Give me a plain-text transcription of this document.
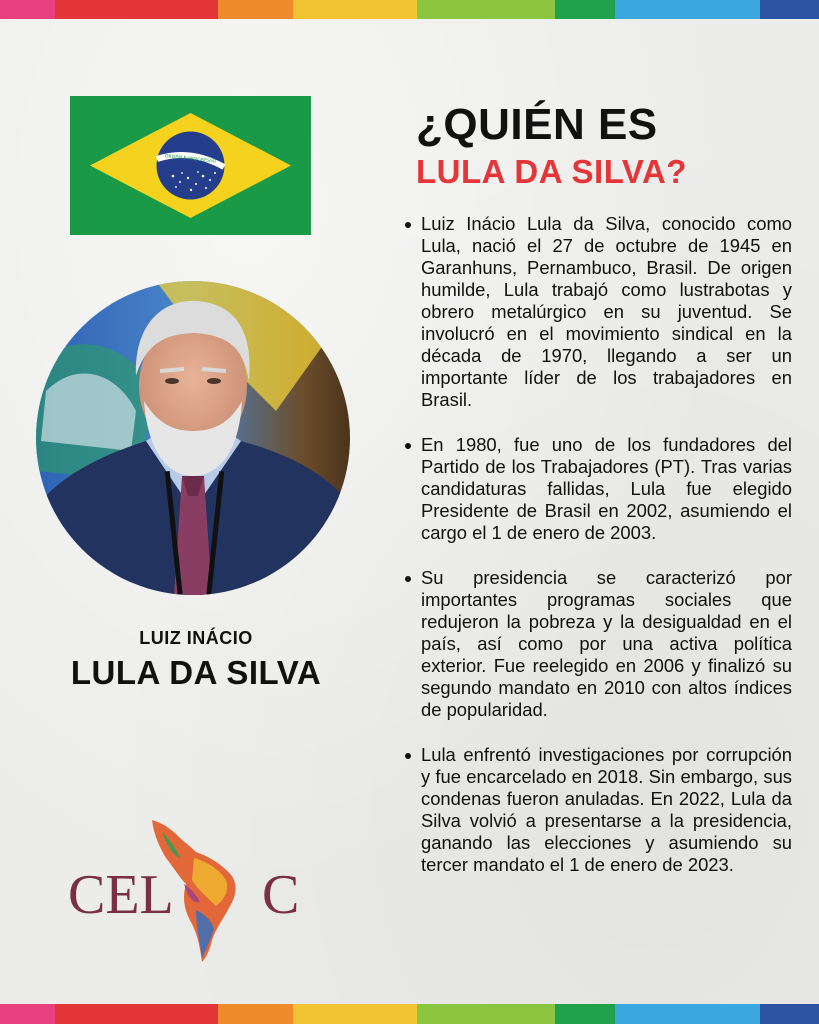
ORDEM E PROGRESSO
LUIZ INÁCIO
LULA DA SILVA
CEL C
¿QUIÉN ES
LULA DA SILVA?
Luiz Inácio Lula da Silva, conocido como Lula, nació el 27 de octubre de 1945 en Garanhuns, Pernambuco, Brasil. De origen humilde, Lula trabajó como lustrabotas y obrero metalúrgico en su juventud. Se involucró en el movimiento sindical en la década de 1970, llegando a ser un importante líder de los trabajadores en Brasil.
En 1980, fue uno de los fundadores del Partido de los Trabajadores (PT). Tras varias candidaturas fallidas, Lula fue elegido Presidente de Brasil en 2002, asumiendo el cargo el 1 de enero de 2003.
Su presidencia se caracterizó por importantes programas sociales que redujeron la pobreza y la desigualdad en el país, así como por una activa política exterior. Fue reelegido en 2006 y finalizó su segundo mandato en 2010 con altos índices de popularidad.
Lula enfrentó investigaciones por corrupción y fue encarcelado en 2018. Sin embargo, sus condenas fueron anuladas. En 2022, Lula da Silva volvió a presentarse a la presidencia, ganando las elecciones y asumiendo su tercer mandato el 1 de enero de 2023.
